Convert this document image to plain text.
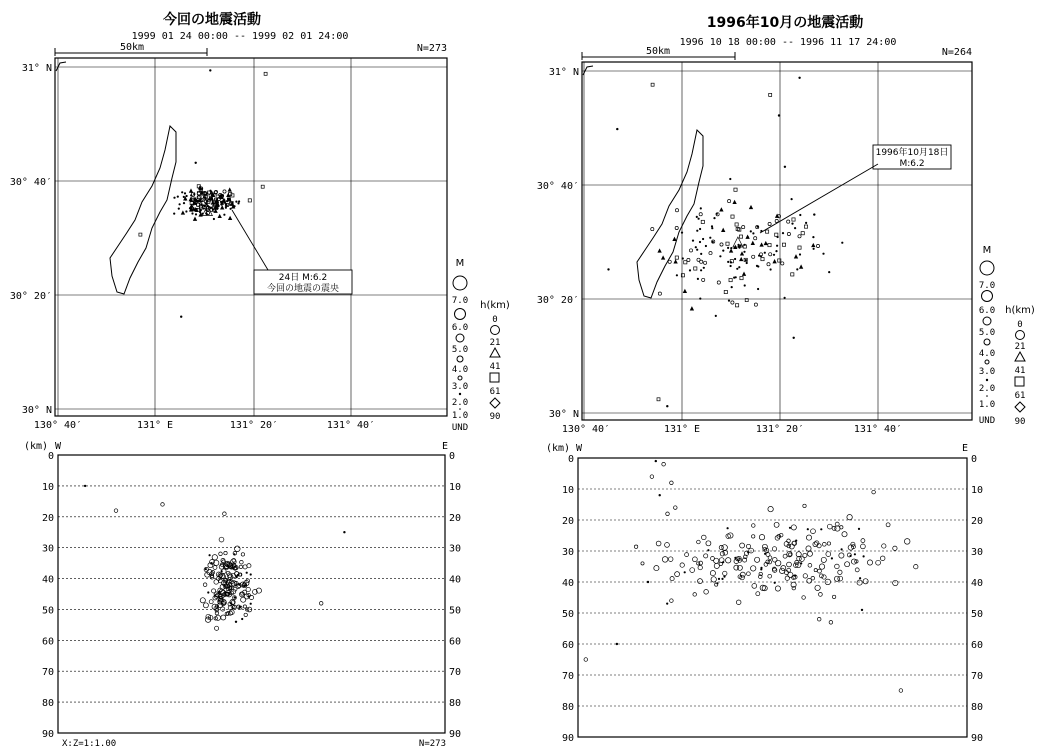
今回の地震活動
1999 01 24 00:00 -- 1999 02 01 24:00
50km	N=273
31° N
30° 40′
30° 20′
30° N
130° 40′	131° E	131° 20′	131° 40′
24日 M:6.2
今回の地震の震央
1996年10月の地震活動
1996 10 18 00:00 -- 1996 11 17 24:00
50km	N=264
31° N
30° 40′
30° 20′
30° N
130° 40′	131° E	131° 20′	131° 40′
1996年10月18日
M:6.2
M
7.0
6.0
5.0
4.0
3.0
2.0
1.0
UND
h(km)
0
21
41
61
90
M
7.0
6.0
5.0
4.0
3.0
2.0
1.0
UND
h(km)
0
21
41
61
90
(km) W	E
0	0
10	10
20	20
30	30
40	40
50	50
60	60
70	70
80	80
90	90
X:Z=1:1.00	N=273
(km) W	E
0	0
10	10
20	20
30	30
40	40
50	50
60	60
70	70
80	80
90	90
